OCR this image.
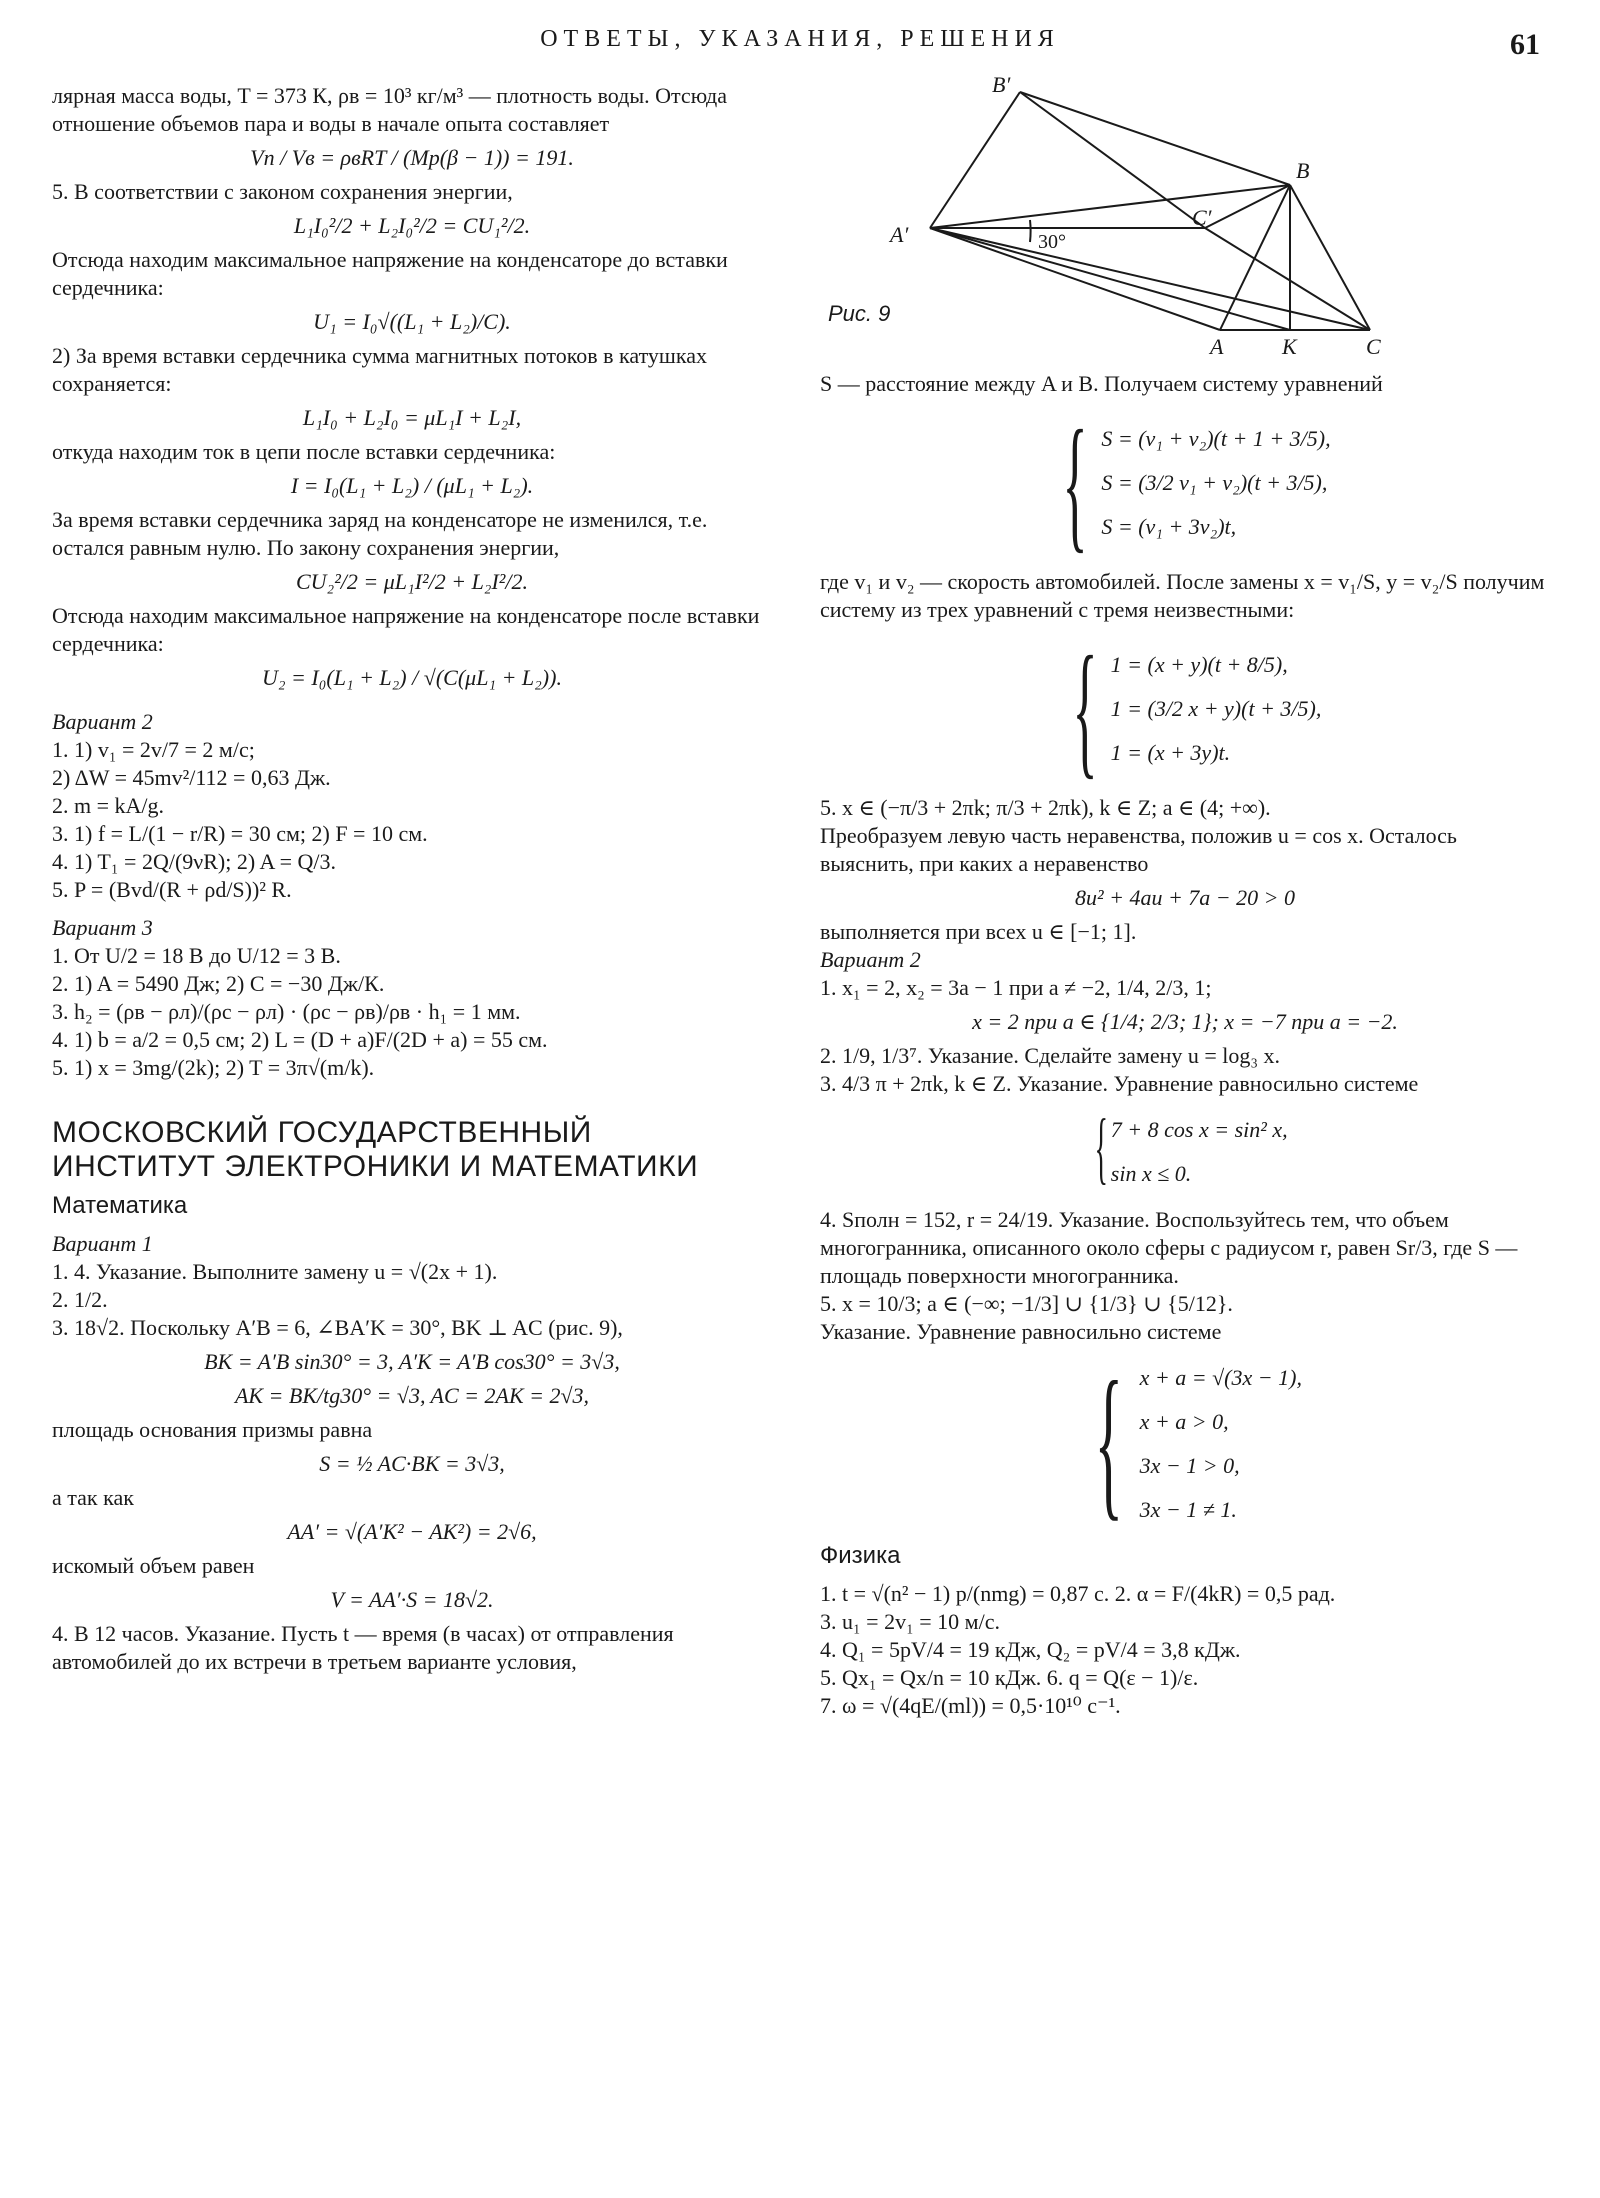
ОТВЕТЫ, УКАЗАНИЯ, РЕШЕНИЯ	61

лярная масса воды, T = 373 К, ρв = 10³ кг/м³ — плотность воды. Отсюда отношение объемов пара и воды в начале опыта составляет

Vп / Vв = ρвRT / (Mp(β − 1)) = 191.

5. В соответствии с законом сохранения энергии,

L₁I₀²/2 + L₂I₀²/2 = CU₁²/2.

Отсюда находим максимальное напряжение на конденсаторе до вставки сердечника:

U₁ = I₀√((L₁ + L₂)/C).

2) За время вставки сердечника сумма магнитных потоков в катушках сохраняется:

L₁I₀ + L₂I₀ = μL₁I + L₂I,

откуда находим ток в цепи после вставки сердечника:

I = I₀(L₁ + L₂) / (μL₁ + L₂).

За время вставки сердечника заряд на конденсаторе не изменился, т.е. остался равным нулю. По закону сохранения энергии,

CU₂²/2 = μL₁I²/2 + L₂I²/2.

Отсюда находим максимальное напряжение на конденсаторе после вставки сердечника:

U₂ = I₀(L₁ + L₂) / √(C(μL₁ + L₂)).

Вариант 2

1. 1) v₁ = 2v/7 = 2 м/с;

2) ΔW = 45mv²/112 = 0,63 Дж.

2. m = kA/g.

3. 1) f = L/(1 − r/R) = 30 см; 2) F = 10 см.

4. 1) T₁ = 2Q/(9νR); 2) A = Q/3.

5. P = (Bvd/(R + ρd/S))² R.

Вариант 3

1. От U/2 = 18 В до U/12 = 3 В.

2. 1) A = 5490 Дж; 2) C = −30 Дж/К.

3. h₂ = (ρв − ρл)/(ρс − ρл) · (ρс − ρв)/ρв · h₁ = 1 мм.

4. 1) b = a/2 = 0,5 см; 2) L = (D + a)F/(2D + a) = 55 см.

5. 1) x = 3mg/(2k); 2) T = 3π√(m/k).

МОСКОВСКИЙ ГОСУДАРСТВЕННЫЙ
ИНСТИТУТ ЭЛЕКТРОНИКИ И МАТЕМАТИКИ
Математика

Вариант 1

1. 4. Указание. Выполните замену u = √(2x + 1).

2. 1/2.

3. 18√2. Поскольку A′B = 6, ∠BA′K = 30°, BK ⊥ AC (рис. 9),

BK = A′B sin30° = 3, A′K = A′B cos30° = 3√3,

AK = BK/tg30° = √3, AC = 2AK = 2√3,

площадь основания призмы равна

S = ½ AC·BK = 3√3,

а так как

AA′ = √(A′K² − AK²) = 2√6,

искомый объем равен

V = AA′·S = 18√2.

4. В 12 часов. Указание. Пусть t — время (в часах) от отправления автомобилей до их встречи в третьем варианте условия,

B′
B
A′
C′
30°
A	K	C
Рис. 9

S — расстояние между A и B. Получаем систему уравнений

{ S = (v₁ + v₂)(t + 1 + 3/5),
S = (3/2 v₁ + v₂)(t + 3/5),
S = (v₁ + 3v₂)t,

где v₁ и v₂ — скорость автомобилей. После замены x = v₁/S, y = v₂/S получим систему из трех уравнений с тремя неизвестными:

{ 1 = (x + y)(t + 8/5),
1 = (3/2 x + y)(t + 3/5),
1 = (x + 3y)t.

5. x ∈ (−π/3 + 2πk; π/3 + 2πk), k ∈ Z; a ∈ (4; +∞).

Преобразуем левую часть неравенства, положив u = cos x. Осталось выяснить, при каких a неравенство

8u² + 4au + 7a − 20 > 0

выполняется при всех u ∈ [−1; 1].

Вариант 2

1. x₁ = 2, x₂ = 3a − 1 при a ≠ −2, 1/4, 2/3, 1;

x = 2 при a ∈ {1/4; 2/3; 1}; x = −7 при a = −2.

2. 1/9, 1/3⁷. Указание. Сделайте замену u = log₃ x.

3. 4/3 π + 2πk, k ∈ Z. Указание. Уравнение равносильно системе

{ 7 + 8 cos x = sin² x,
sin x ≤ 0.

4. Sполн = 152, r = 24/19. Указание. Воспользуйтесь тем, что объем многогранника, описанного около сферы с радиусом r, равен Sr/3, где S — площадь поверхности многогранника.

5. x = 10/3; a ∈ (−∞; −1/3] ∪ {1/3} ∪ {5/12}.

Указание. Уравнение равносильно системе

{ x + a = √(3x − 1),
x + a > 0,
3x − 1 > 0,
3x − 1 ≠ 1.
Физика

1. t = √(n² − 1) p/(nmg) = 0,87 с. 2. α = F/(4kR) = 0,5 рад.

3. u₁ = 2v₁ = 10 м/с.

4. Q₁ = 5pV/4 = 19 кДж, Q₂ = pV/4 = 3,8 кДж.

5. Qx₁ = Qx/n = 10 кДж. 6. q = Q(ε − 1)/ε.

7. ω = √(4qE/(ml)) = 0,5·10¹⁰ с⁻¹.
